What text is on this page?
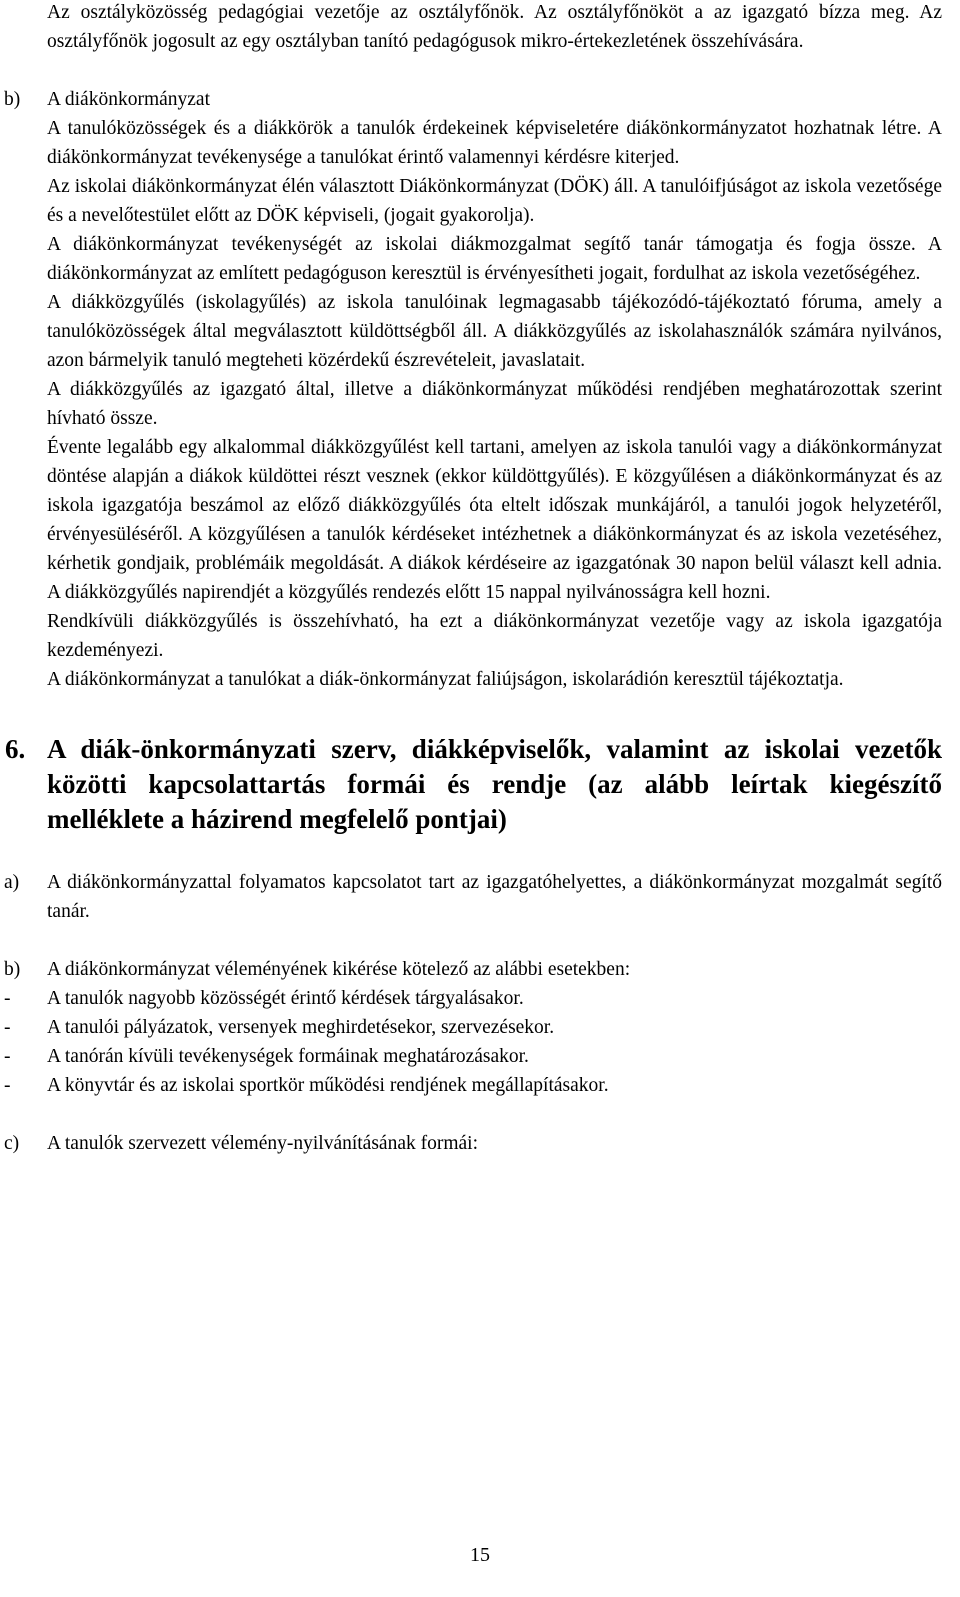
Az osztályközösség pedagógiai vezetője az osztályfőnök. Az osztályfőnököt a az igazgató bízza meg. Az osztályfőnök jogosult az egy osztályban tanító pedagógusok mikro-értekezletének összehívására.

b) A diákönkormányzat

A tanulóközösségek és a diákkörök a tanulók érdekeinek képviseletére diákönkormányzatot hozhatnak létre. A diákönkormányzat tevékenysége a tanulókat érintő valamennyi kérdésre kiterjed.

Az iskolai diákönkormányzat élén választott Diákönkormányzat (DÖK) áll. A tanulóifjúságot az iskola vezetősége és a nevelőtestület előtt az DÖK képviseli, (jogait gyakorolja).

A diákönkormányzat tevékenységét az iskolai diákmozgalmat segítő tanár támogatja és fogja össze. A diákönkormányzat az említett pedagóguson keresztül is érvényesítheti jogait, fordulhat az iskola vezetőségéhez.

A diákközgyűlés (iskolagyűlés) az iskola tanulóinak legmagasabb tájékozódó-tájékoztató fóruma, amely a tanulóközösségek által megválasztott küldöttségből áll. A diákközgyűlés az iskolahasználók számára nyilvános, azon bármelyik tanuló megteheti közérdekű észrevételeit, javaslatait.

A diákközgyűlés az igazgató által, illetve a diákönkormányzat működési rendjében meghatározottak szerint hívható össze.

Évente legalább egy alkalommal diákközgyűlést kell tartani, amelyen az iskola tanulói vagy a diákönkormányzat döntése alapján a diákok küldöttei részt vesznek (ekkor küldöttgyűlés). E közgyűlésen a diákönkormányzat és az iskola igazgatója beszámol az előző diákközgyűlés óta eltelt időszak munkájáról, a tanulói jogok helyzetéről, érvényesüléséről. A közgyűlésen a tanulók kérdéseket intézhetnek a diákönkormányzat és az iskola vezetéséhez, kérhetik gondjaik, problémáik megoldását. A diákok kérdéseire az igazgatónak 30 napon belül választ kell adnia. A diákközgyűlés napirendjét a közgyűlés rendezés előtt 15 nappal nyilvánosságra kell hozni.

Rendkívüli diákközgyűlés is összehívható, ha ezt a diákönkormányzat vezetője vagy az iskola igazgatója kezdeményezi.

A diákönkormányzat a tanulókat a diák-önkormányzat faliújságon, iskolarádión keresztül tájékoztatja.

6. A diák-önkormányzati szerv, diákképviselők, valamint az iskolai vezetők közötti kapcsolattartás formái és rendje (az alább leírtak kiegészítő melléklete a házirend megfelelő pontjai)
a) A diákönkormányzattal folyamatos kapcsolatot tart az igazgatóhelyettes, a diákönkormányzat mozgalmát segítő tanár.

b) A diákönkormányzat véleményének kikérése kötelező az alábbi esetekben:

- A tanulók nagyobb közösségét érintő kérdések tárgyalásakor.
- A tanulói pályázatok, versenyek meghirdetésekor, szervezésekor.
- A tanórán kívüli tevékenységek formáinak meghatározásakor.
- A könyvtár és az iskolai sportkör működési rendjének megállapításakor.
c) A tanulók szervezett vélemény-nyilvánításának formái:

15
